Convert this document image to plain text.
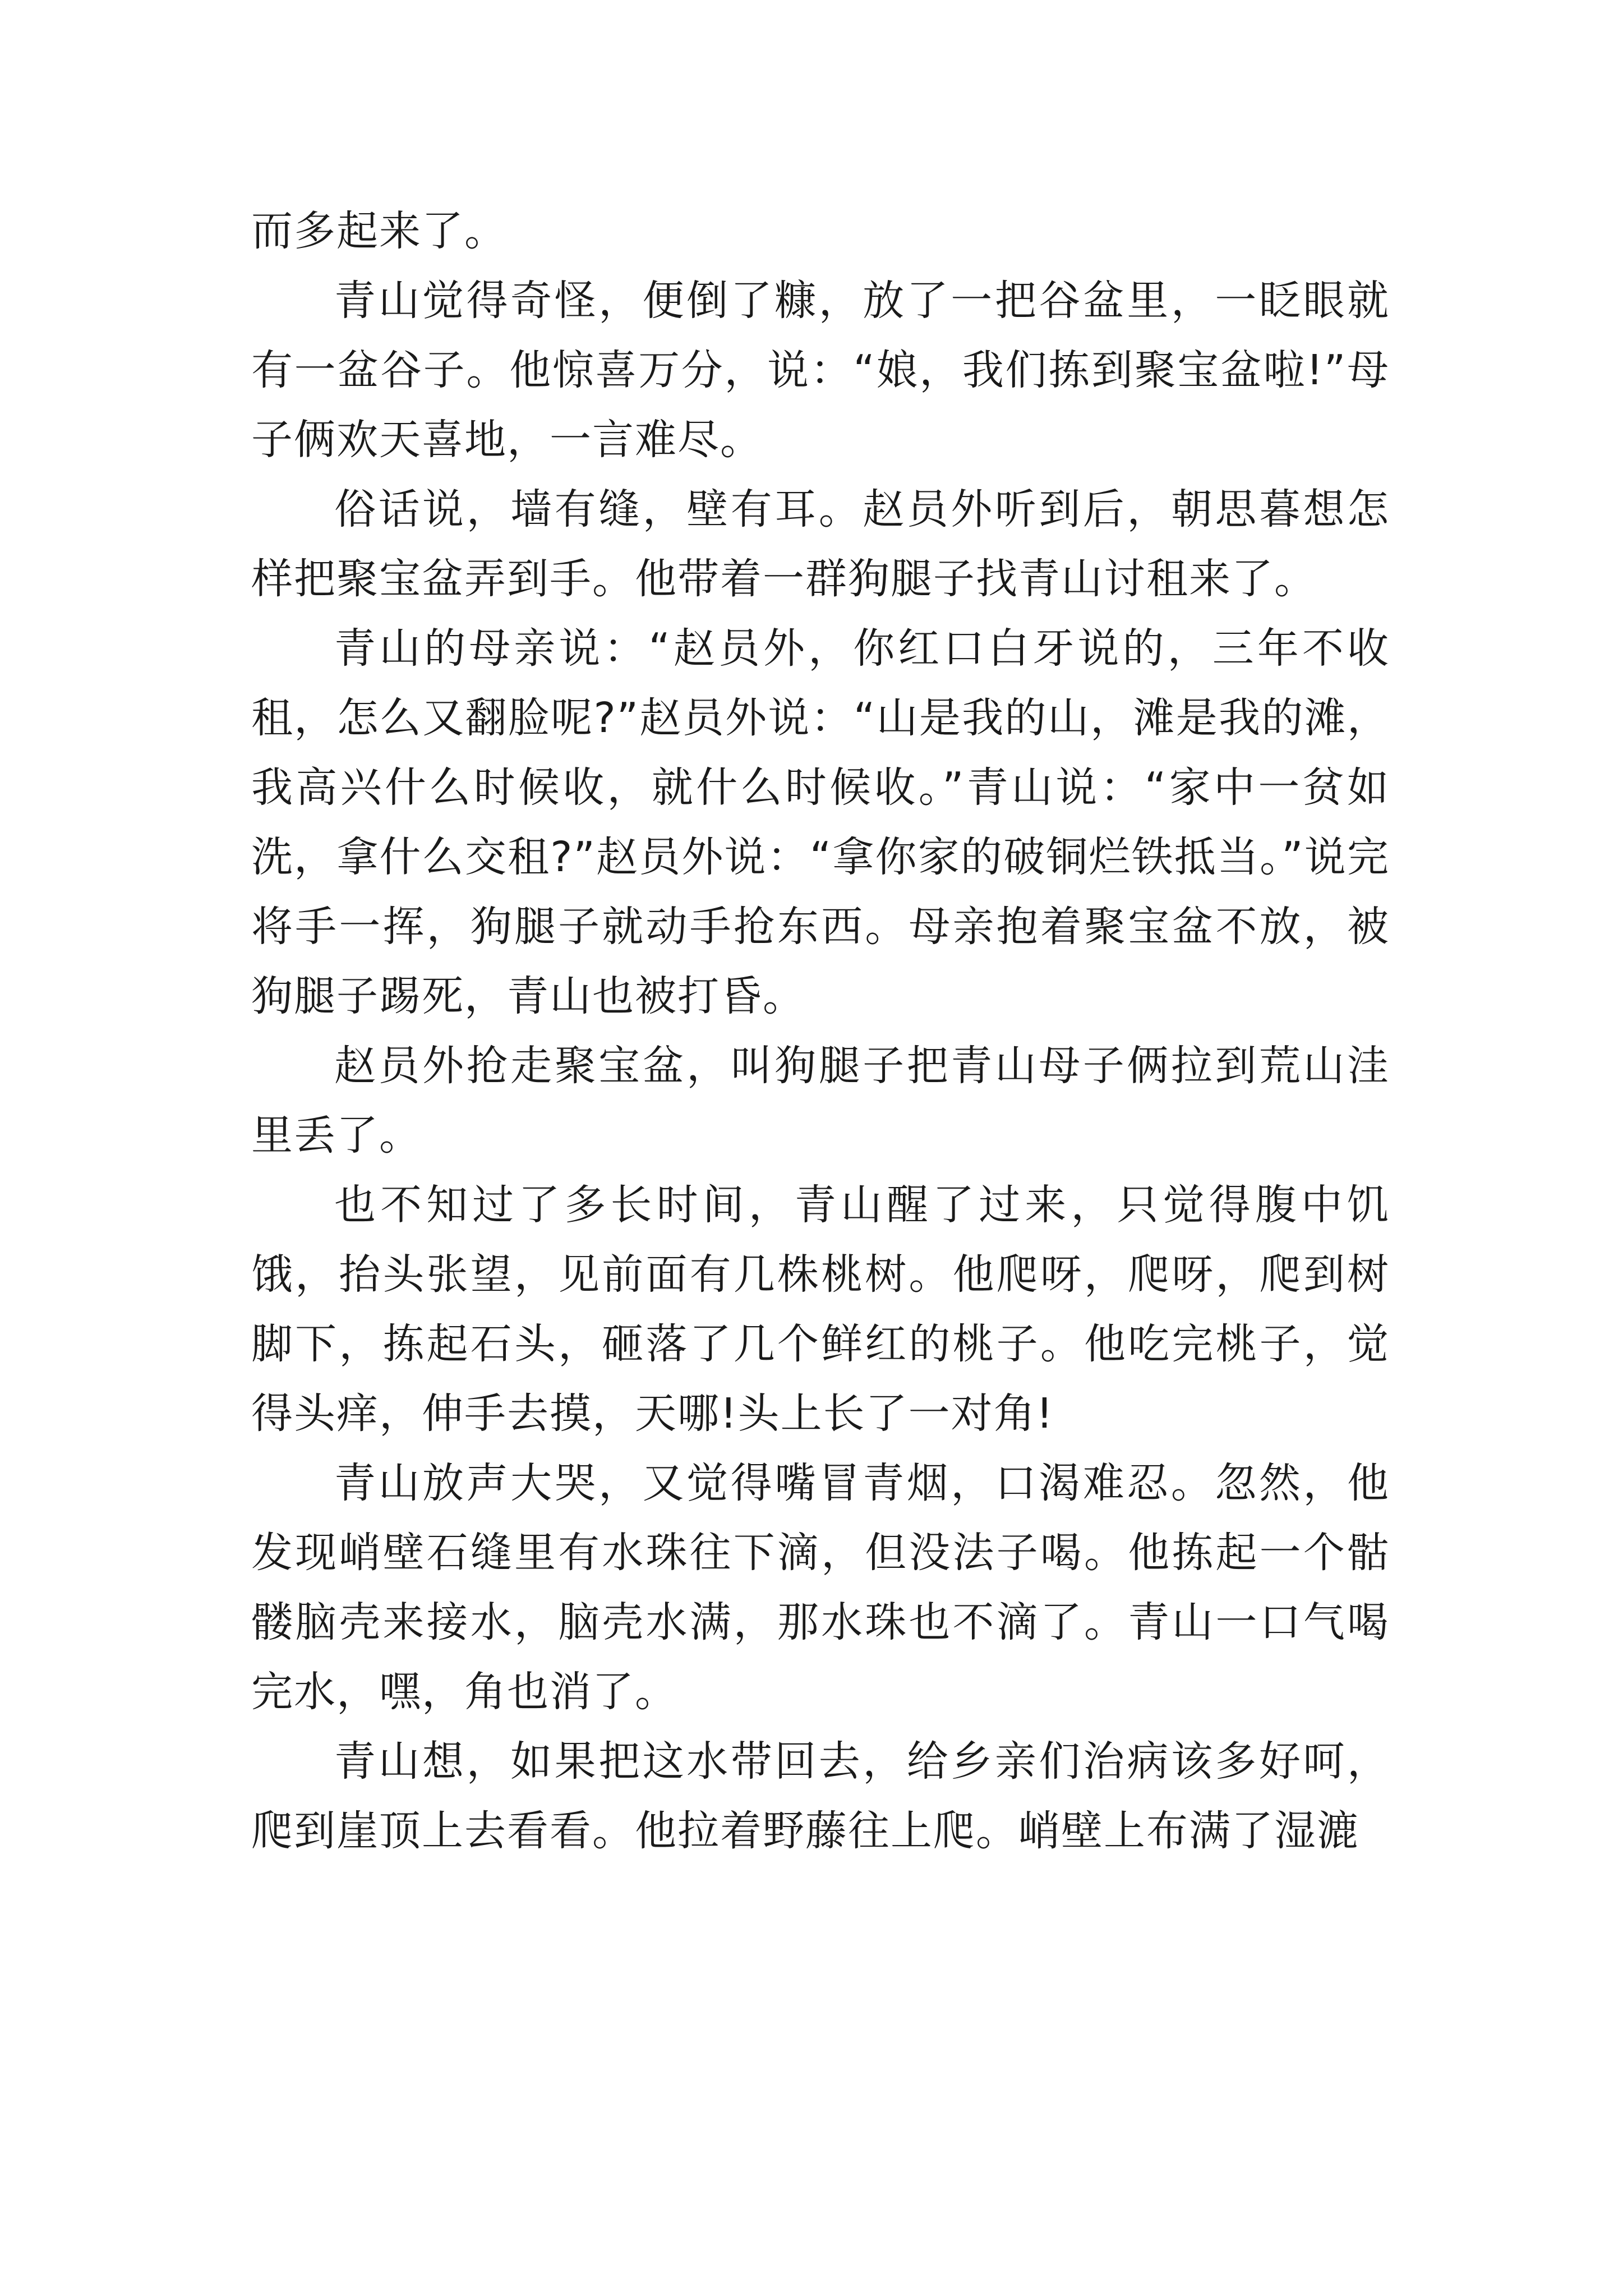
而多起来了。

青山觉得奇怪，便倒了糠，放了一把谷盆里，一眨眼就有一盆谷子。他惊喜万分，说：“娘，我们拣到聚宝盆啦!”母子俩欢天喜地，一言难尽。

俗话说，墙有缝，壁有耳。赵员外听到后，朝思暮想怎样把聚宝盆弄到手。他带着一群狗腿子找青山讨租来了。

青山的母亲说：“赵员外，你红口白牙说的，三年不收租，怎么又翻脸呢?”赵员外说：“山是我的山，滩是我的滩，我高兴什么时候收，就什么时候收。”青山说：“家中一贫如洗，拿什么交租?”赵员外说：“拿你家的破铜烂铁抵当。”说完将手一挥，狗腿子就动手抢东西。母亲抱着聚宝盆不放，被狗腿子踢死，青山也被打昏。

赵员外抢走聚宝盆，叫狗腿子把青山母子俩拉到荒山洼里丢了。

也不知过了多长时间，青山醒了过来，只觉得腹中饥饿，抬头张望，见前面有几株桃树。他爬呀，爬呀，爬到树脚下，拣起石头，砸落了几个鲜红的桃子。他吃完桃子，觉得头痒，伸手去摸，天哪!头上长了一对角!

青山放声大哭，又觉得嘴冒青烟，口渴难忍。忽然，他发现峭壁石缝里有水珠往下滴，但没法子喝。他拣起一个骷髅脑壳来接水，脑壳水满，那水珠也不滴了。青山一口气喝完水，嘿，角也消了。

青山想，如果把这水带回去，给乡亲们治病该多好呵，爬到崖顶上去看看。他拉着野藤往上爬。峭壁上布满了湿漉
